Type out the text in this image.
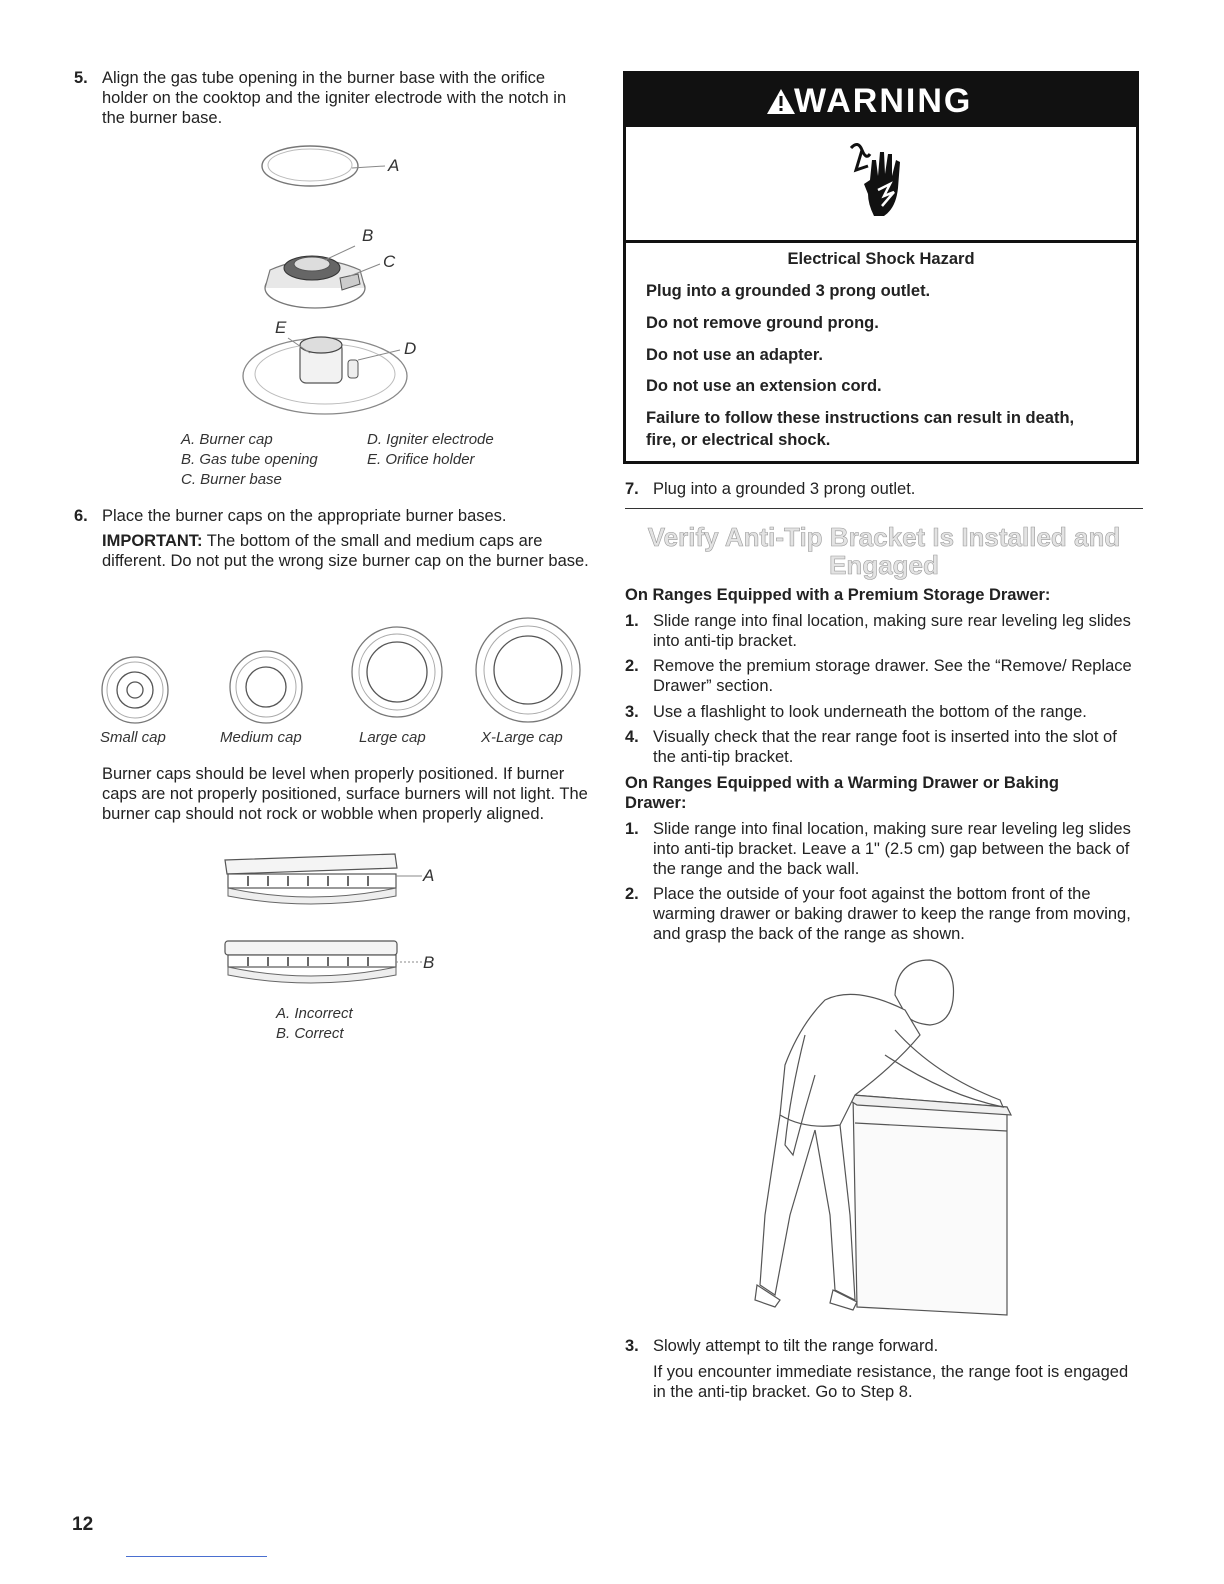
5. Align the gas tube opening in the burner base with the orifice holder on the cooktop and the igniter electrode with the notch in the burner base.
A
B
C
E
D
A. Burner cap
B. Gas tube opening
C. Burner base
D. Igniter electrode
E. Orifice holder
6. Place the burner caps on the appropriate burner bases.
IMPORTANT: The bottom of the small and medium caps are different. Do not put the wrong size burner cap on the burner base.
Small cap	Medium cap	Large cap	X-Large cap
Burner caps should be level when properly positioned. If burner caps are not properly positioned, surface burners will not light. The burner cap should not rock or wobble when properly aligned.
A
B
A. Incorrect
B. Correct
WARNING
Electrical Shock Hazard
Plug into a grounded 3 prong outlet.
Do not remove ground prong.
Do not use an adapter.
Do not use an extension cord.
Failure to follow these instructions can result in death,
fire, or electrical shock.
7. Plug into a grounded 3 prong outlet.
Verify Anti-Tip Bracket Is Installed and
Engaged
On Ranges Equipped with a Premium Storage Drawer:
1. Slide range into final location, making sure rear leveling leg slides into anti-tip bracket.
2. Remove the premium storage drawer. See the “Remove/ Replace Drawer” section.
3. Use a flashlight to look underneath the bottom of the range.
4. Visually check that the rear range foot is inserted into the slot of the anti-tip bracket.
On Ranges Equipped with a Warming Drawer or Baking Drawer:
1. Slide range into final location, making sure rear leveling leg slides into anti-tip bracket. Leave a 1" (2.5 cm) gap between the back of the range and the back wall.
2. Place the outside of your foot against the bottom front of the warming drawer or baking drawer to keep the range from moving, and grasp the back of the range as shown.
3. Slowly attempt to tilt the range forward.
If you encounter immediate resistance, the range foot is engaged in the anti-tip bracket. Go to Step 8.
12
